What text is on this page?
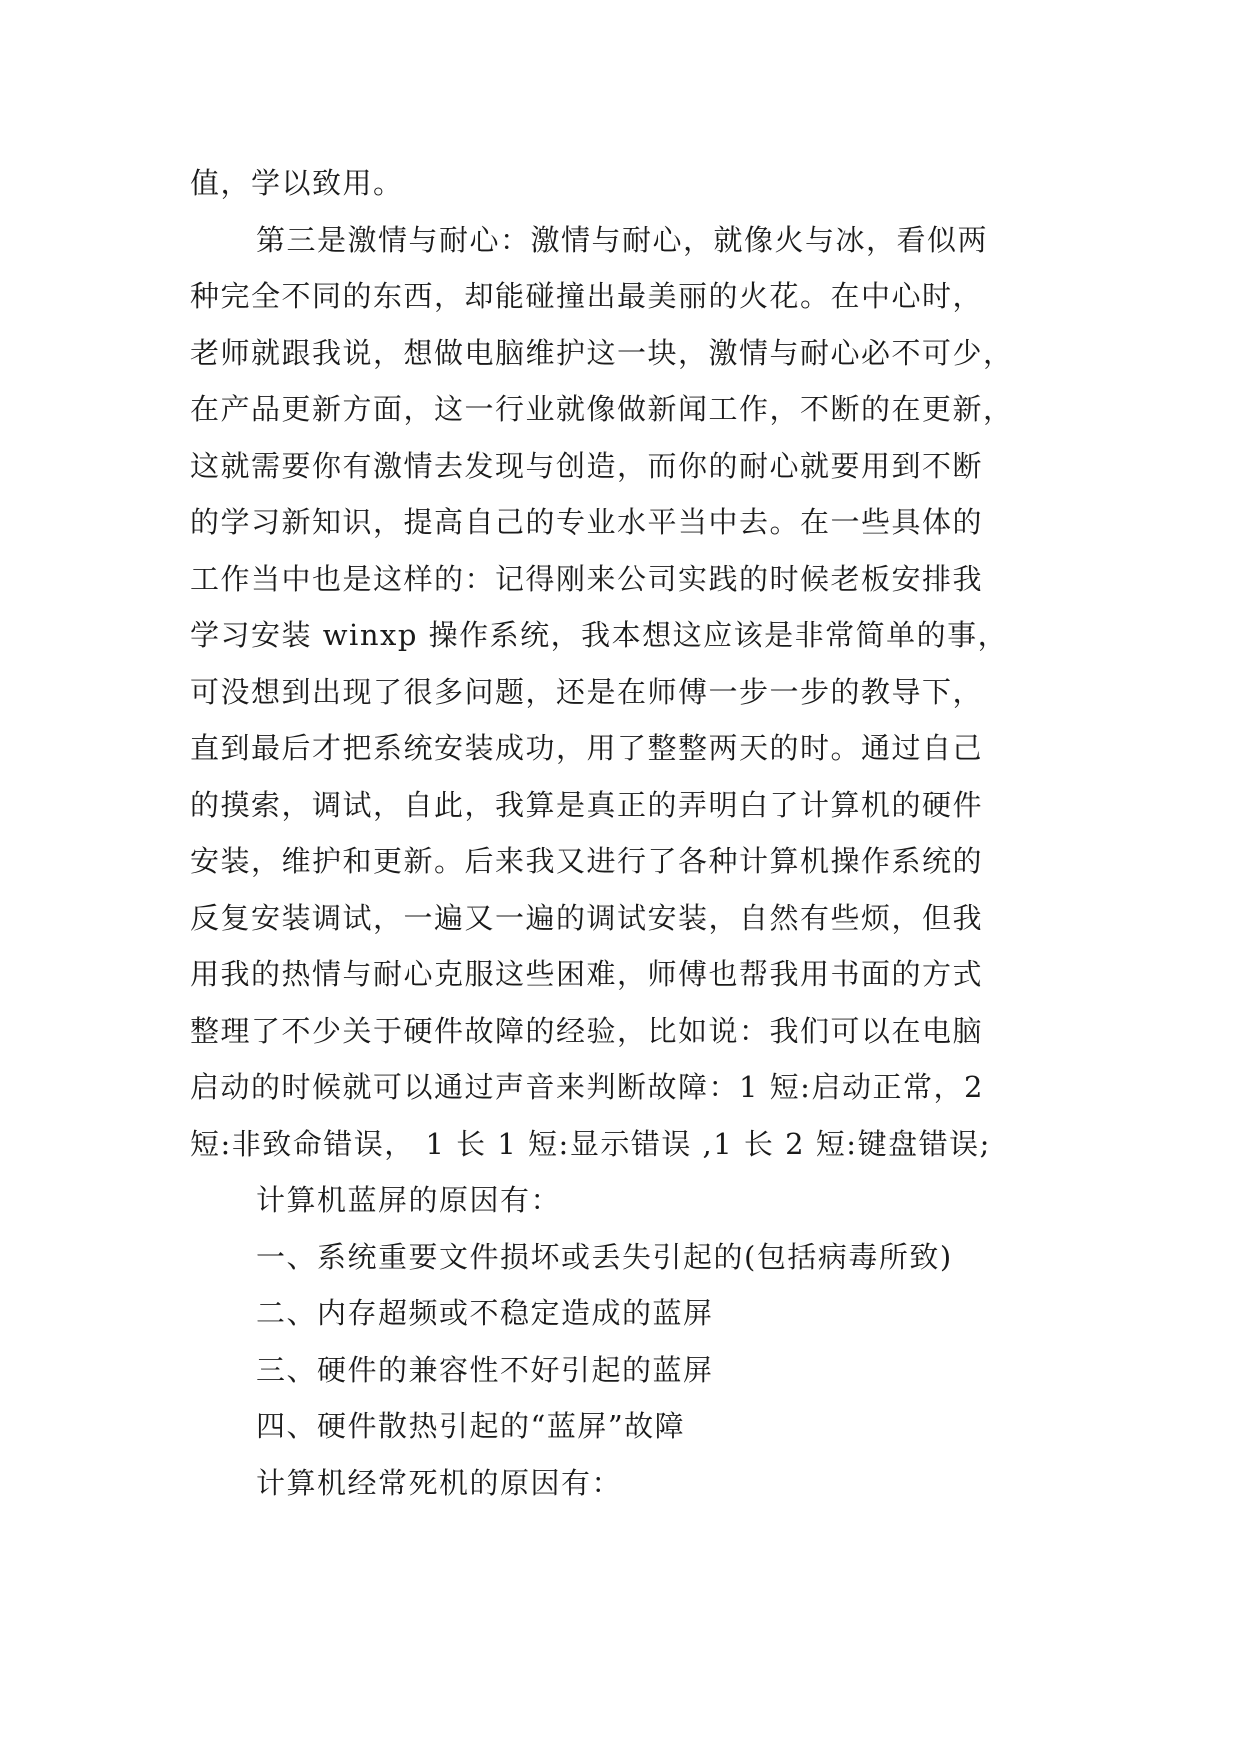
值，学以致用。
第三是激情与耐心：激情与耐心，就像火与冰，看似两
种完全不同的东西，却能碰撞出最美丽的火花。在中心时，
老师就跟我说，想做电脑维护这一块，激情与耐心必不可少，
在产品更新方面，这一行业就像做新闻工作，不断的在更新，
这就需要你有激情去发现与创造，而你的耐心就要用到不断
的学习新知识，提高自己的专业水平当中去。在一些具体的
工作当中也是这样的：记得刚来公司实践的时候老板安排我
学习安装 winxp 操作系统，我本想这应该是非常简单的事，
可没想到出现了很多问题，还是在师傅一步一步的教导下，
直到最后才把系统安装成功，用了整整两天的时。通过自己
的摸索，调试，自此，我算是真正的弄明白了计算机的硬件
安装，维护和更新。后来我又进行了各种计算机操作系统的
反复安装调试，一遍又一遍的调试安装，自然有些烦，但我
用我的热情与耐心克服这些困难，师傅也帮我用书面的方式
整理了不少关于硬件故障的经验，比如说：我们可以在电脑
启动的时候就可以通过声音来判断故障：1 短:启动正常，2
短:非致命错误， 1 长 1 短:显示错误 ,1 长 2 短:键盘错误;
计算机蓝屏的原因有：
一、系统重要文件损坏或丢失引起的(包括病毒所致)
二、内存超频或不稳定造成的蓝屏
三、硬件的兼容性不好引起的蓝屏
四、硬件散热引起的“蓝屏”故障
计算机经常死机的原因有：
